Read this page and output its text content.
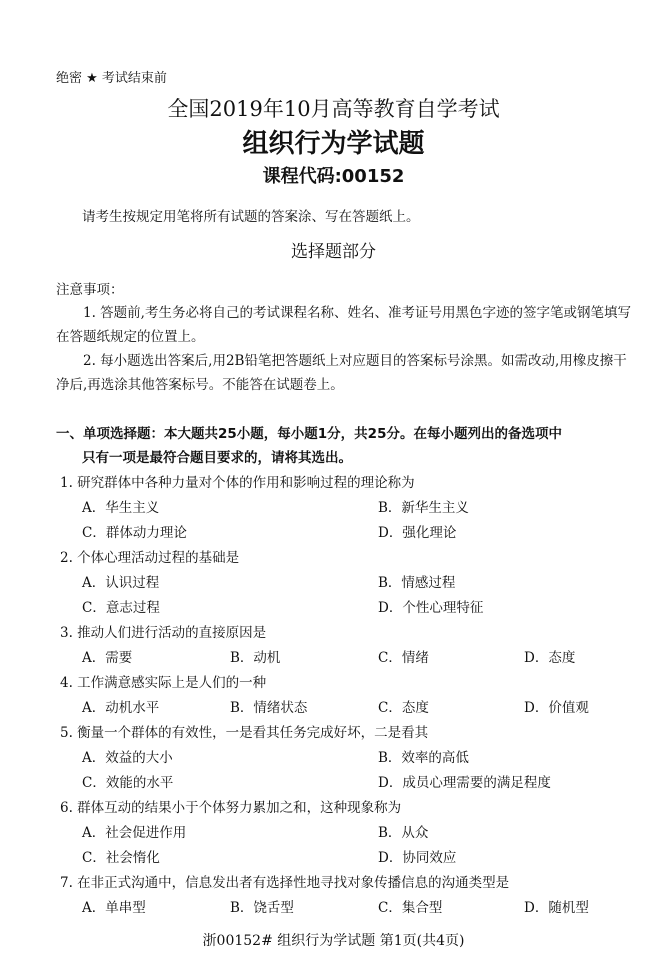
绝密 ★ 考试结束前
全国2019年10月高等教育自学考试
组织行为学试题
课程代码:00152
请考生按规定用笔将所有试题的答案涂、写在答题纸上。
选择题部分
注意事项：
1. 答题前,考生务必将自己的考试课程名称、姓名、准考证号用黑色字迹的签字笔或钢笔填写在答题纸规定的位置上。
2. 每小题选出答案后,用2B铅笔把答题纸上对应题目的答案标号涂黑。如需改动,用橡皮擦干净后,再选涂其他答案标号。不能答在试题卷上。
一、单项选择题：本大题共25小题，每小题1分，共25分。在每小题列出的备选项中
只有一项是最符合题目要求的，请将其选出。
1. 研究群体中各种力量对个体的作用和影响过程的理论称为
A．华生主义	B．新华生主义
C．群体动力理论	D．强化理论
2. 个体心理活动过程的基础是
A．认识过程	B．情感过程
C．意志过程	D．个性心理特征
3. 推动人们进行活动的直接原因是
A．需要	B．动机	C．情绪	D．态度
4. 工作满意感实际上是人们的一种
A．动机水平	B．情绪状态	C．态度	D．价值观
5. 衡量一个群体的有效性，一是看其任务完成好坏，二是看其
A．效益的大小	B．效率的高低
C．效能的水平	D．成员心理需要的满足程度
6. 群体互动的结果小于个体努力累加之和，这种现象称为
A．社会促进作用	B．从众
C．社会惰化	D．协同效应
7. 在非正式沟通中，信息发出者有选择性地寻找对象传播信息的沟通类型是
A．单串型	B．饶舌型	C．集合型	D．随机型
浙00152# 组织行为学试题 第1页(共4页)
